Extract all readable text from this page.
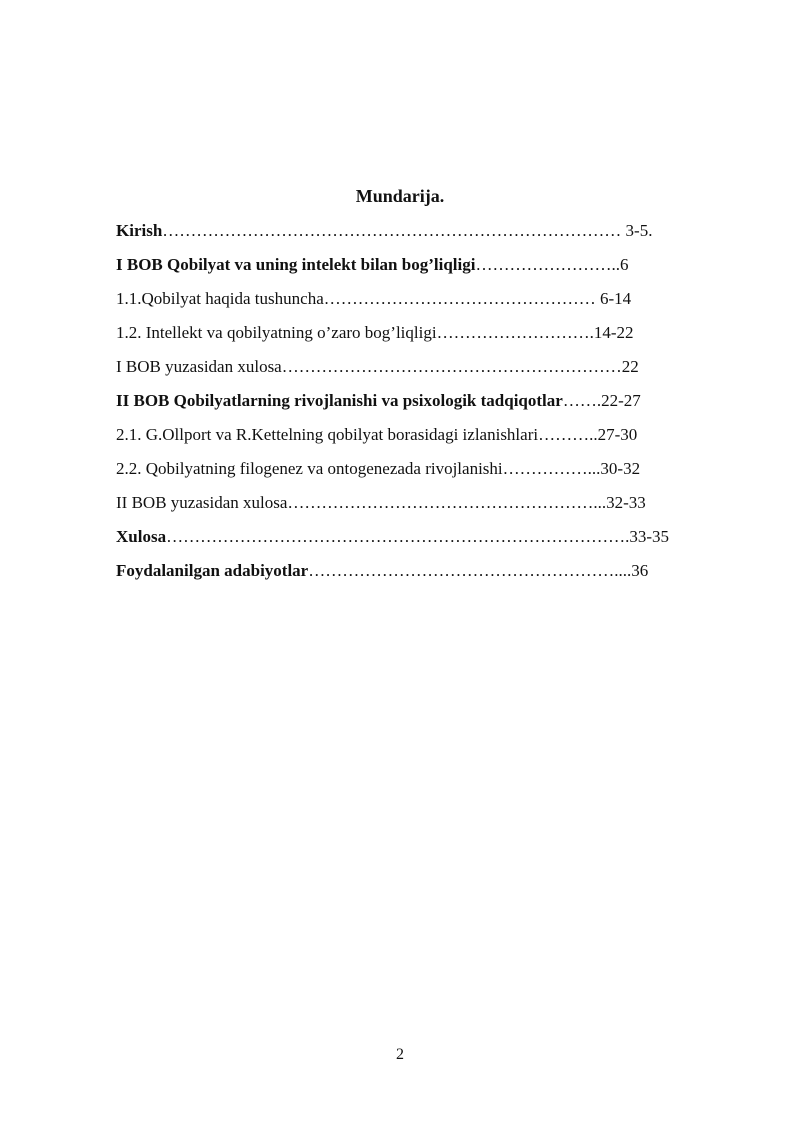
Mundarija.
Kirish……………………………………………………………………… 3-5.
I BOB Qobilyat va uning intelekt bilan bog’liqligi……………………..6
1.1.Qobilyat haqida tushuncha………………………………………… 6-14
1.2. Intellekt va qobilyatning o’zaro bog’liqligi……………………….14-22
I BOB yuzasidan xulosa……………………………………………………22
II BOB Qobilyatlarning rivojlanishi va psixologik tadqiqotlar…….22-27
2.1. G.Ollport va R.Kettelning qobilyat borasidagi izlanishlari………..27-30
2.2. Qobilyatning filogenez va ontogenezada rivojlanishi……………...30-32
II BOB yuzasidan xulosa………………………………………………...32-33
Xulosa……………………………………………………………………….33-35
Foydalanilgan adabiyotlar………………………………………………....36
2
